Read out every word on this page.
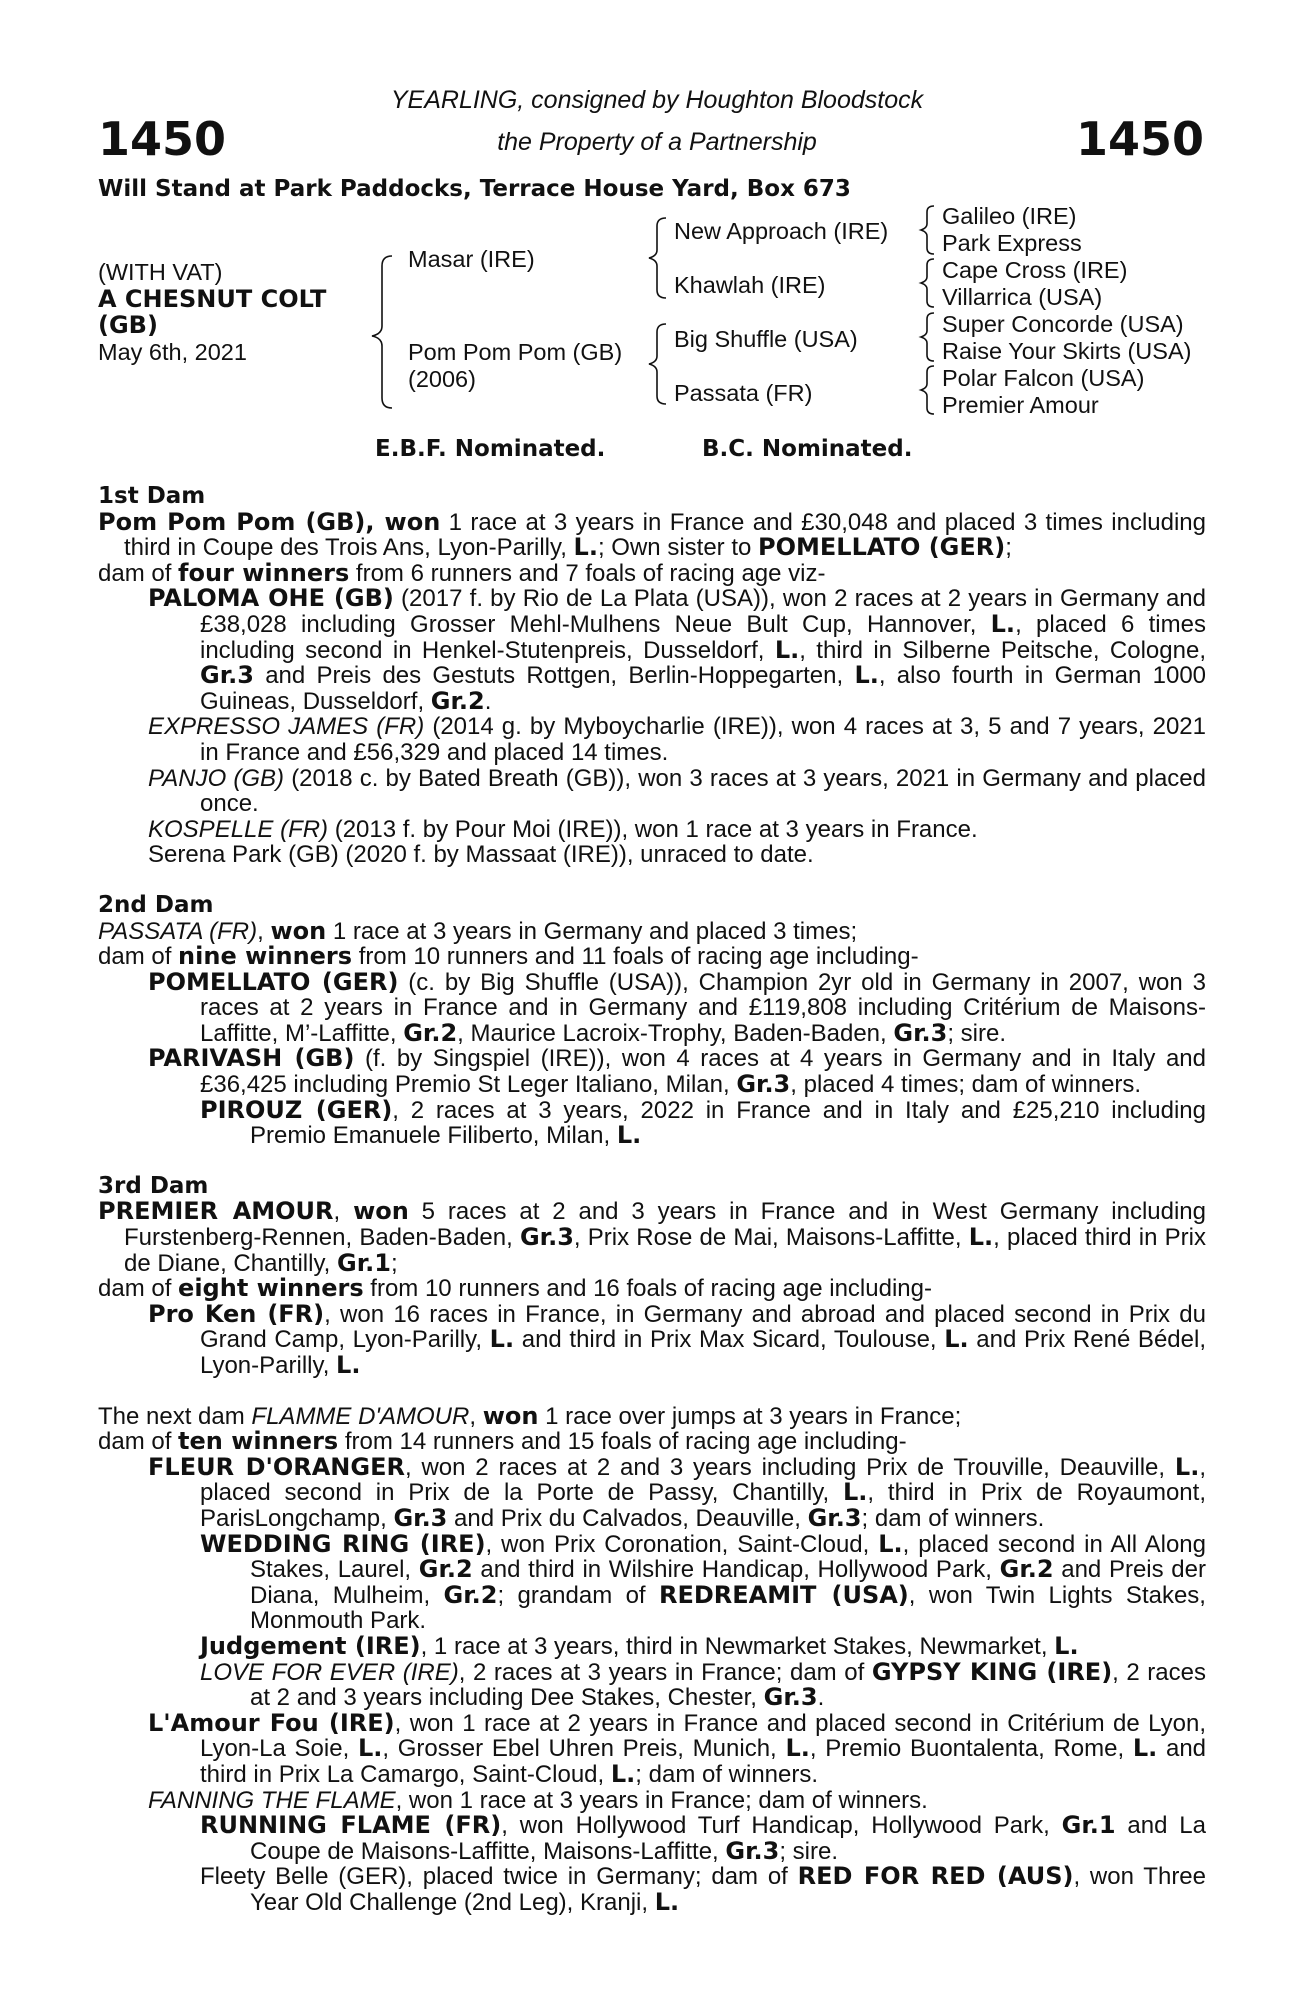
1450	1450
YEARLING, consigned by Houghton Bloodstock
the Property of a Partnership
Will Stand at Park Paddocks, Terrace House Yard, Box 673
(WITH VAT)
A CHESNUT COLT
(GB)
May 6th, 2021
Masar (IRE)
Pom Pom Pom (GB)
(2006)
New Approach (IRE)
Khawlah (IRE)
Big Shuffle (USA)
Passata (FR)
Galileo (IRE)
Park Express
Cape Cross (IRE)
Villarrica (USA)
Super Concorde (USA)
Raise Your Skirts (USA)
Polar Falcon (USA)
Premier Amour
E.B.F. Nominated.	B.C. Nominated.
1st Dam
Pom Pom Pom (GB), won 1 race at 3 years in France and £30,048 and placed 3 times including third in Coupe des Trois Ans, Lyon-Parilly, L.; Own sister to POMELLATO (GER);
dam of four winners from 6 runners and 7 foals of racing age viz-
PALOMA OHE (GB) (2017 f. by Rio de La Plata (USA)), won 2 races at 2 years in Germany and £38,028 including Grosser Mehl-Mulhens Neue Bult Cup, Hannover, L., placed 6 times including second in Henkel-Stutenpreis, Dusseldorf, L., third in Silberne Peitsche, Cologne, Gr.3 and Preis des Gestuts Rottgen, Berlin-Hoppegarten, L., also fourth in German 1000 Guineas, Dusseldorf, Gr.2.
EXPRESSO JAMES (FR) (2014 g. by Myboycharlie (IRE)), won 4 races at 3, 5 and 7 years, 2021 in France and £56,329 and placed 14 times.
PANJO (GB) (2018 c. by Bated Breath (GB)), won 3 races at 3 years, 2021 in Germany and placed once.
KOSPELLE (FR) (2013 f. by Pour Moi (IRE)), won 1 race at 3 years in France.
Serena Park (GB) (2020 f. by Massaat (IRE)), unraced to date.
2nd Dam
PASSATA (FR), won 1 race at 3 years in Germany and placed 3 times;
dam of nine winners from 10 runners and 11 foals of racing age including-
POMELLATO (GER) (c. by Big Shuffle (USA)), Champion 2yr old in Germany in 2007, won 3 races at 2 years in France and in Germany and £119,808 including Critérium de Maisons-Laffitte, M’-Laffitte, Gr.2, Maurice Lacroix-Trophy, Baden-Baden, Gr.3; sire.
PARIVASH (GB) (f. by Singspiel (IRE)), won 4 races at 4 years in Germany and in Italy and £36,425 including Premio St Leger Italiano, Milan, Gr.3, placed 4 times; dam of winners.
PIROUZ (GER), 2 races at 3 years, 2022 in France and in Italy and £25,210 including Premio Emanuele Filiberto, Milan, L.
3rd Dam
PREMIER AMOUR, won 5 races at 2 and 3 years in France and in West Germany including Furstenberg-Rennen, Baden-Baden, Gr.3, Prix Rose de Mai, Maisons-Laffitte, L., placed third in Prix de Diane, Chantilly, Gr.1;
dam of eight winners from 10 runners and 16 foals of racing age including-
Pro Ken (FR), won 16 races in France, in Germany and abroad and placed second in Prix du Grand Camp, Lyon-Parilly, L. and third in Prix Max Sicard, Toulouse, L. and Prix René Bédel, Lyon-Parilly, L.
The next dam FLAMME D'AMOUR, won 1 race over jumps at 3 years in France;
dam of ten winners from 14 runners and 15 foals of racing age including-
FLEUR D'ORANGER, won 2 races at 2 and 3 years including Prix de Trouville, Deauville, L., placed second in Prix de la Porte de Passy, Chantilly, L., third in Prix de Royaumont, ParisLongchamp, Gr.3 and Prix du Calvados, Deauville, Gr.3; dam of winners.
WEDDING RING (IRE), won Prix Coronation, Saint-Cloud, L., placed second in All Along Stakes, Laurel, Gr.2 and third in Wilshire Handicap, Hollywood Park, Gr.2 and Preis der Diana, Mulheim, Gr.2; grandam of REDREAMIT (USA), won Twin Lights Stakes, Monmouth Park.
Judgement (IRE), 1 race at 3 years, third in Newmarket Stakes, Newmarket, L.
LOVE FOR EVER (IRE), 2 races at 3 years in France; dam of GYPSY KING (IRE), 2 races at 2 and 3 years including Dee Stakes, Chester, Gr.3.
L'Amour Fou (IRE), won 1 race at 2 years in France and placed second in Critérium de Lyon, Lyon-La Soie, L., Grosser Ebel Uhren Preis, Munich, L., Premio Buontalenta, Rome, L. and third in Prix La Camargo, Saint-Cloud, L.; dam of winners.
FANNING THE FLAME, won 1 race at 3 years in France; dam of winners.
RUNNING FLAME (FR), won Hollywood Turf Handicap, Hollywood Park, Gr.1 and La Coupe de Maisons-Laffitte, Maisons-Laffitte, Gr.3; sire.
Fleety Belle (GER), placed twice in Germany; dam of RED FOR RED (AUS), won Three Year Old Challenge (2nd Leg), Kranji, L.
